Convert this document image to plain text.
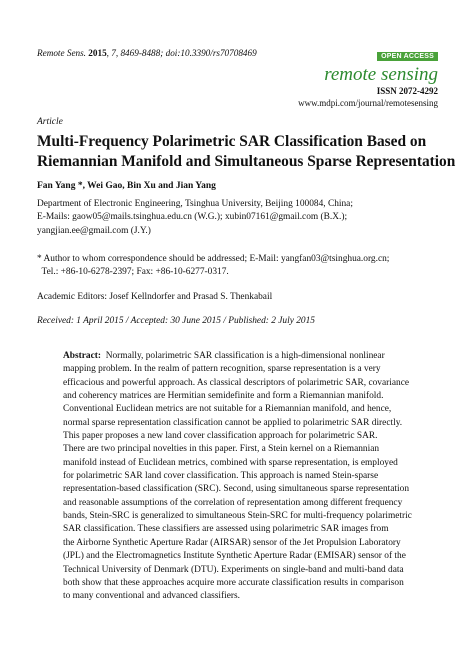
Remote Sens. 2015, 7, 8469-8488; doi:10.3390/rs70708469	OPEN ACCESS
remote sensing
ISSN 2072-4292
www.mdpi.com/journal/remotesensing
Article
Multi-Frequency Polarimetric SAR Classification Based on
Riemannian Manifold and Simultaneous Sparse Representation
Fan Yang *, Wei Gao, Bin Xu and Jian Yang
Department of Electronic Engineering, Tsinghua University, Beijing 100084, China;
E-Mails: gaow05@mails.tsinghua.edu.cn (W.G.); xubin07161@gmail.com (B.X.);
yangjian.ee@gmail.com (J.Y.)
* Author to whom correspondence should be addressed; E-Mail: yangfan03@tsinghua.org.cn;
Tel.: +86-10-6278-2397; Fax: +86-10-6277-0317.
Academic Editors: Josef Kellndorfer and Prasad S. Thenkabail
Received: 1 April 2015 / Accepted: 30 June 2015 / Published: 2 July 2015
Abstract:  Normally, polarimetric SAR classification is a high-dimensional nonlinear
mapping problem. In the realm of pattern recognition, sparse representation is a very
efficacious and powerful approach. As classical descriptors of polarimetric SAR, covariance
and coherency matrices are Hermitian semidefinite and form a Riemannian manifold.
Conventional Euclidean metrics are not suitable for a Riemannian manifold, and hence,
normal sparse representation classification cannot be applied to polarimetric SAR directly.
This paper proposes a new land cover classification approach for polarimetric SAR.
There are two principal novelties in this paper. First, a Stein kernel on a Riemannian
manifold instead of Euclidean metrics, combined with sparse representation, is employed
for polarimetric SAR land cover classification. This approach is named Stein-sparse
representation-based classification (SRC). Second, using simultaneous sparse representation
and reasonable assumptions of the correlation of representation among different frequency
bands, Stein-SRC is generalized to simultaneous Stein-SRC for multi-frequency polarimetric
SAR classification. These classifiers are assessed using polarimetric SAR images from
the Airborne Synthetic Aperture Radar (AIRSAR) sensor of the Jet Propulsion Laboratory
(JPL) and the Electromagnetics Institute Synthetic Aperture Radar (EMISAR) sensor of the
Technical University of Denmark (DTU). Experiments on single-band and multi-band data
both show that these approaches acquire more accurate classification results in comparison
to many conventional and advanced classifiers.
